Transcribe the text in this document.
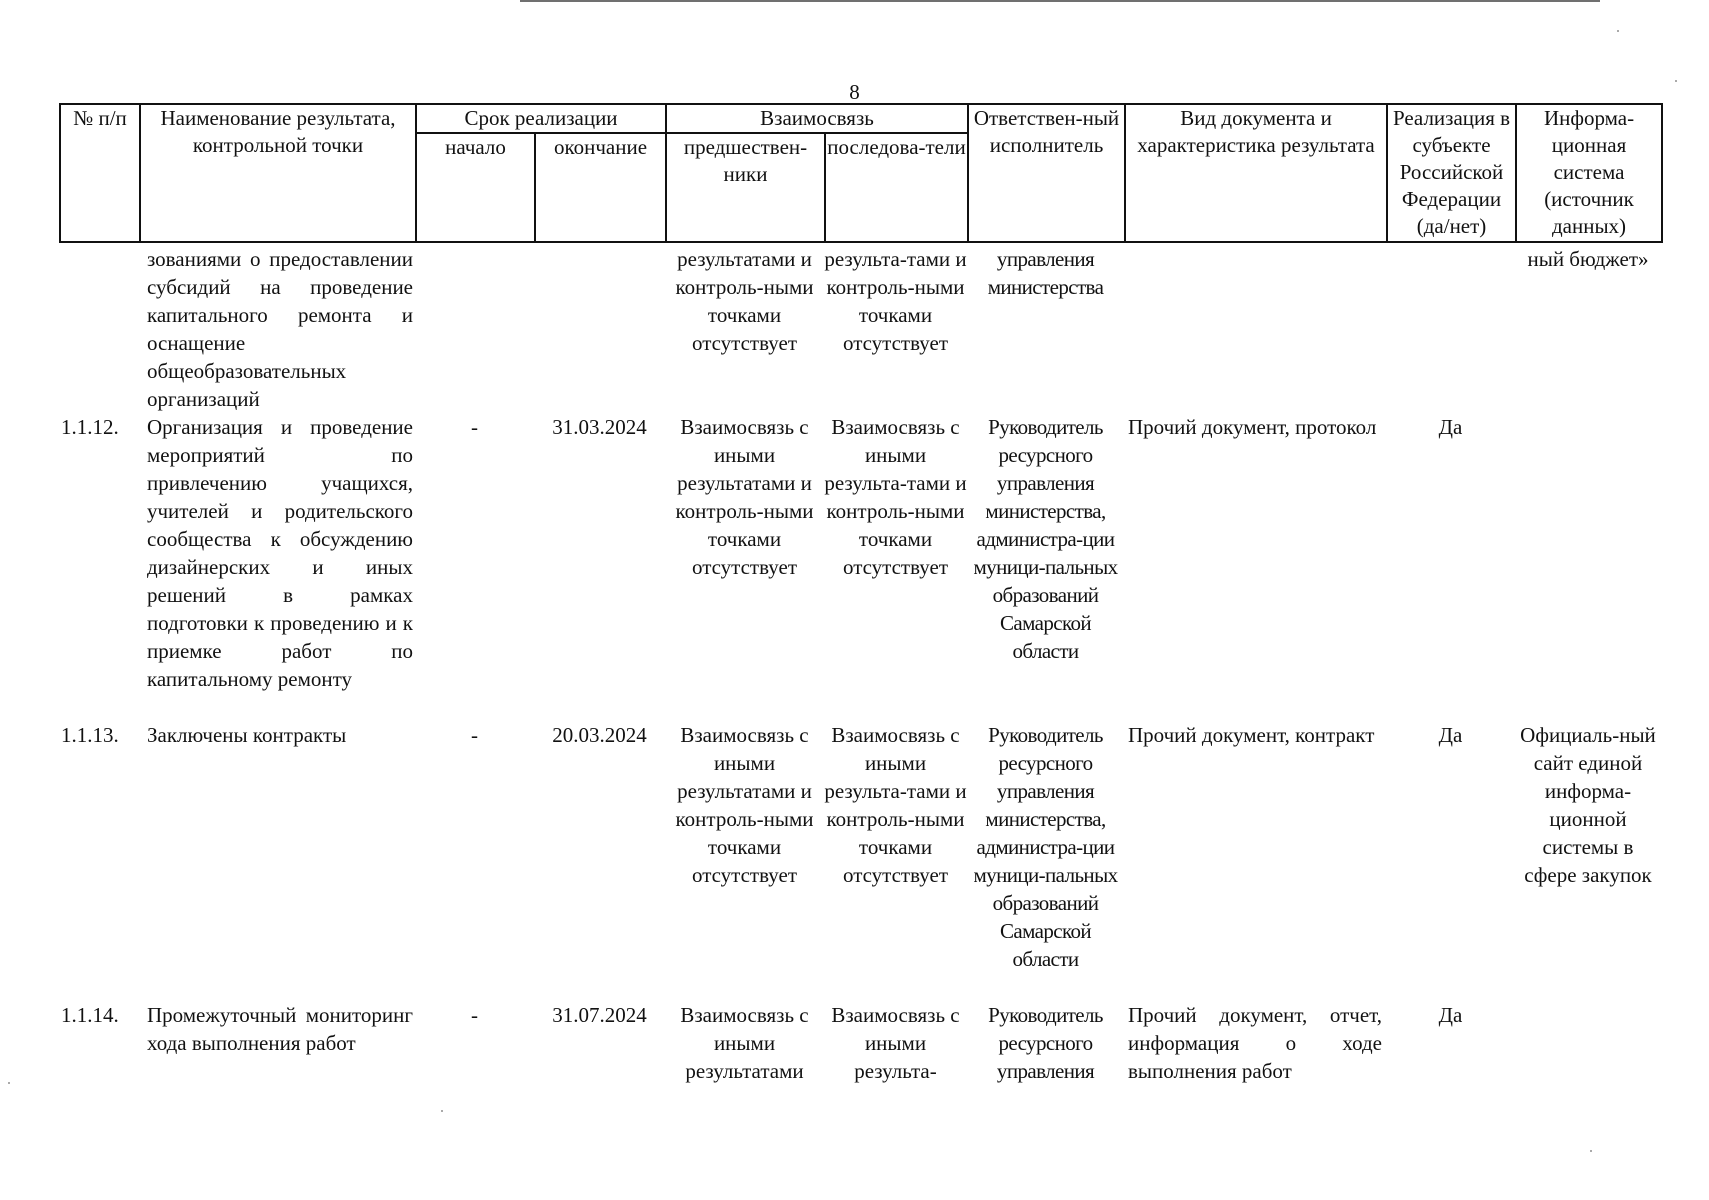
8
№ п/п	Наименование результата, контрольной точки	Срок реализации		Взаимосвязь		Ответствен-ный исполнитель	Вид документа и характеристика результата	Реализация в субъекте Российской Федерации (да/нет)	Информа-ционная система (источник данных)
		начало	окончание	предшествен-ники	последова-тели				
	зованиями о предоставлении субсидий на проведение капитального ремонта и оснащение общеобразовательных организаций			результатами и контроль-ными точками отсутствует	результа-тами и контроль-ными точками отсутствует	управления министерства			ный бюджет»
1.1.12.	Организация и проведение мероприятий по привлечению учащихся, учителей и родительского сообщества к обсуждению дизайнерских и иных решений в рамках подготовки к проведению и к приемке работ по капитальному ремонту	-	31.03.2024	Взаимосвязь с иными результатами и контроль-ными точками отсутствует	Взаимосвязь с иными результа-тами и контроль-ными точками отсутствует	Руководитель ресурсного управления министерства, администра-ции муници-пальных образований Самарской области	Прочий документ, протокол	Да	
1.1.13.	Заключены контракты	-	20.03.2024	Взаимосвязь с иными результатами и контроль-ными точками отсутствует	Взаимосвязь с иными результа-тами и контроль-ными точками отсутствует	Руководитель ресурсного управления министерства, администра-ции муници-пальных образований Самарской области	Прочий документ, контракт	Да	Официаль-ный сайт единой информа-ционной системы в сфере закупок
1.1.14.	Промежуточный мониторинг хода выполнения работ	-	31.07.2024	Взаимосвязь с иными результатами	Взаимосвязь с иными результа-	Руководитель ресурсного управления	Прочий документ, отчет, информация о ходе выполнения работ	Да	
